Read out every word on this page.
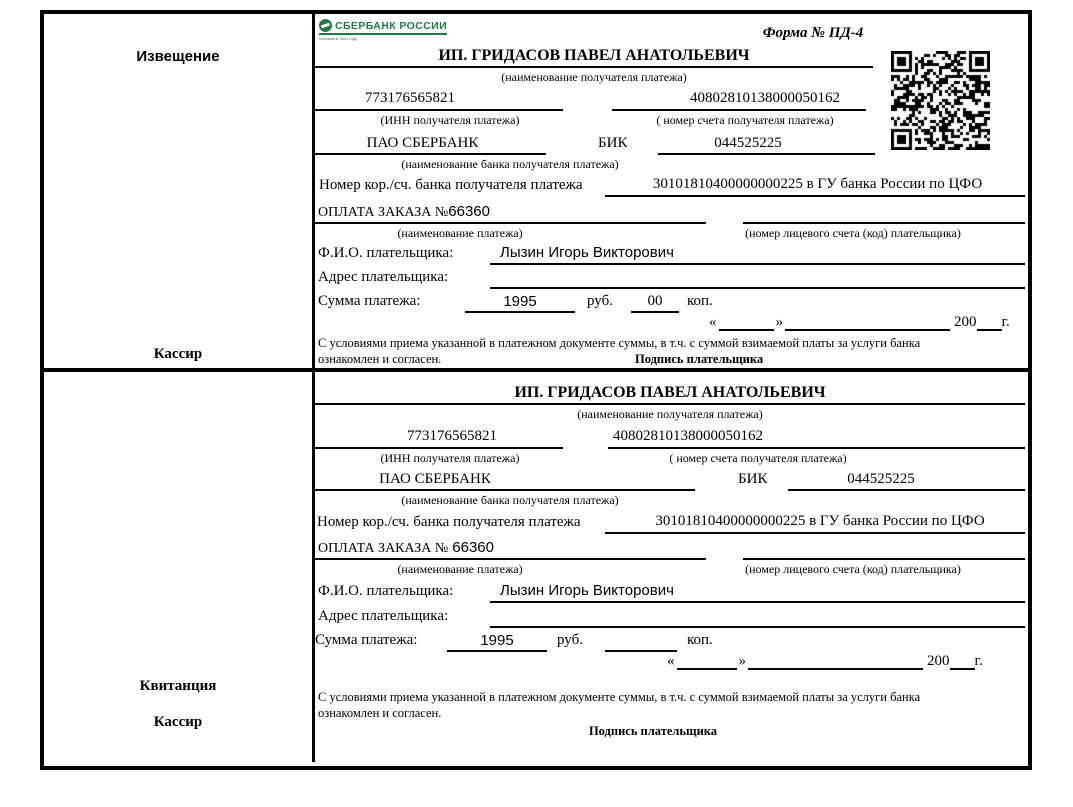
Извещение
Кассир
СБЕРБАНК РОССИИ
Основан в 1841 году	Форма № ПД-4
ИП. ГРИДАСОВ ПАВЕЛ АНАТОЛЬЕВИЧ
(наименование получателя платежа)
773176565821	40802810138000050162
(ИНН получателя платежа)	( номер счета получателя платежа)
ПАО СБЕРБАНК	БИК	044525225
(наименование банка получателя платежа)
Номер кор./сч. банка получателя платежа	30101810400000000225 в ГУ банка России по ЦФО
ОПЛАТА ЗАКАЗА №66360
(наименование платежа)	(номер лицевого счета (код) плательщика)
Ф.И.О. плательщика:	Лызин Игорь Викторович
Адрес плательщика:
Сумма платежа:	1995	руб.	00	коп.
«	»	200 г.
С условиями приема указанной в платежном документе суммы, в т.ч. с суммой взимаемой платы за услуги банка
ознакомлен и согласен.	Подпись плательщика
Квитанция
Кассир
ИП. ГРИДАСОВ ПАВЕЛ АНАТОЛЬЕВИЧ
(наименование получателя платежа)
773176565821	40802810138000050162
(ИНН получателя платежа)	( номер счета получателя платежа)
ПАО СБЕРБАНК	БИК	044525225
(наименование банка получателя платежа)
Номер кор./сч. банка получателя платежа	30101810400000000225 в ГУ банка России по ЦФО
ОПЛАТА ЗАКАЗА № 66360
(наименование платежа)	(номер лицевого счета (код) плательщика)
Ф.И.О. плательщика:	Лызин Игорь Викторович
Адрес плательщика:
Сумма платежа:	1995	руб.	коп.
«	»	200 г.
С условиями приема указанной в платежном документе суммы, в т.ч. с суммой взимаемой платы за услуги банка
ознакомлен и согласен.
Подпись плательщика
